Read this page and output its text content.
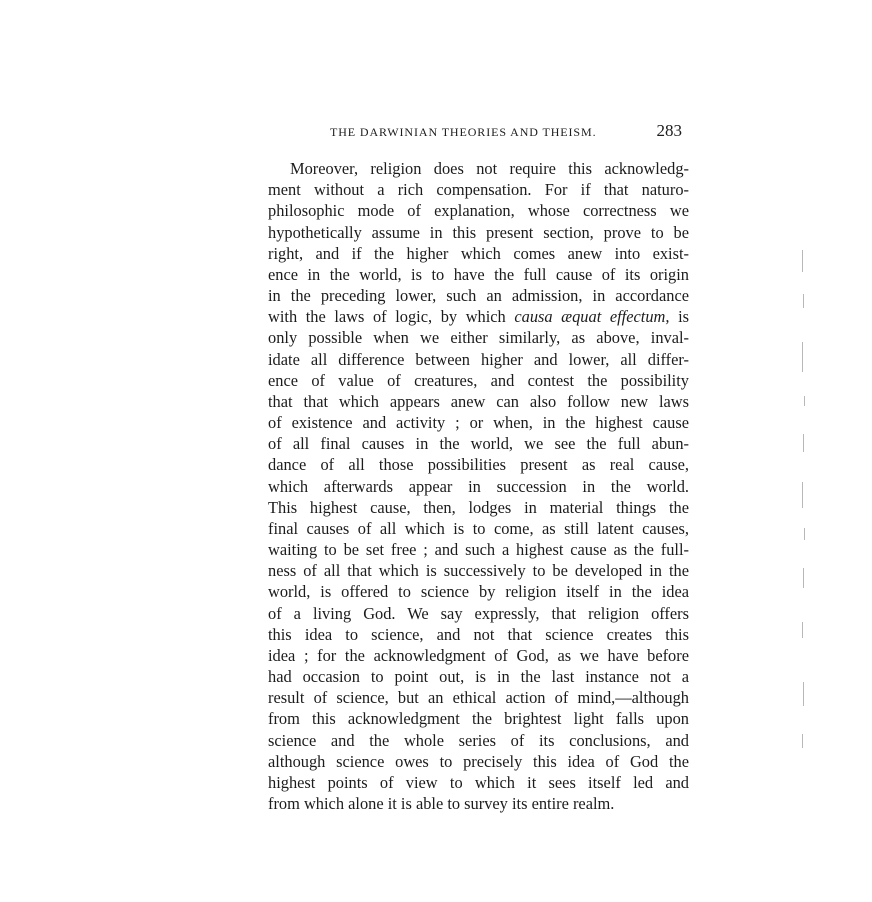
THE DARWINIAN THEORIES AND THEISM.	283
Moreover, religion does not require this acknowledg-
ment without a rich compensation. For if that naturo-
philosophic mode of explanation, whose correctness we
hypothetically assume in this present section, prove to be
right, and if the higher which comes anew into exist-
ence in the world, is to have the full cause of its origin
in the preceding lower, such an admission, in accordance
with the laws of logic, by which causa æquat effectum, is
only possible when we either similarly, as above, inval-
idate all difference between higher and lower, all differ-
ence of value of creatures, and contest the possibility
that that which appears anew can also follow new laws
of existence and activity ; or when, in the highest cause
of all final causes in the world, we see the full abun-
dance of all those possibilities present as real cause,
which afterwards appear in succession in the world.
This highest cause, then, lodges in material things the
final causes of all which is to come, as still latent causes,
waiting to be set free ; and such a highest cause as the full-
ness of all that which is successively to be developed in the
world, is offered to science by religion itself in the idea
of a living God. We say expressly, that religion offers
this idea to science, and not that science creates this
idea ; for the acknowledgment of God, as we have before
had occasion to point out, is in the last instance not a
result of science, but an ethical action of mind,—although
from this acknowledgment the brightest light falls upon
science and the whole series of its conclusions, and
although science owes to precisely this idea of God the
highest points of view to which it sees itself led and
from which alone it is able to survey its entire realm.
